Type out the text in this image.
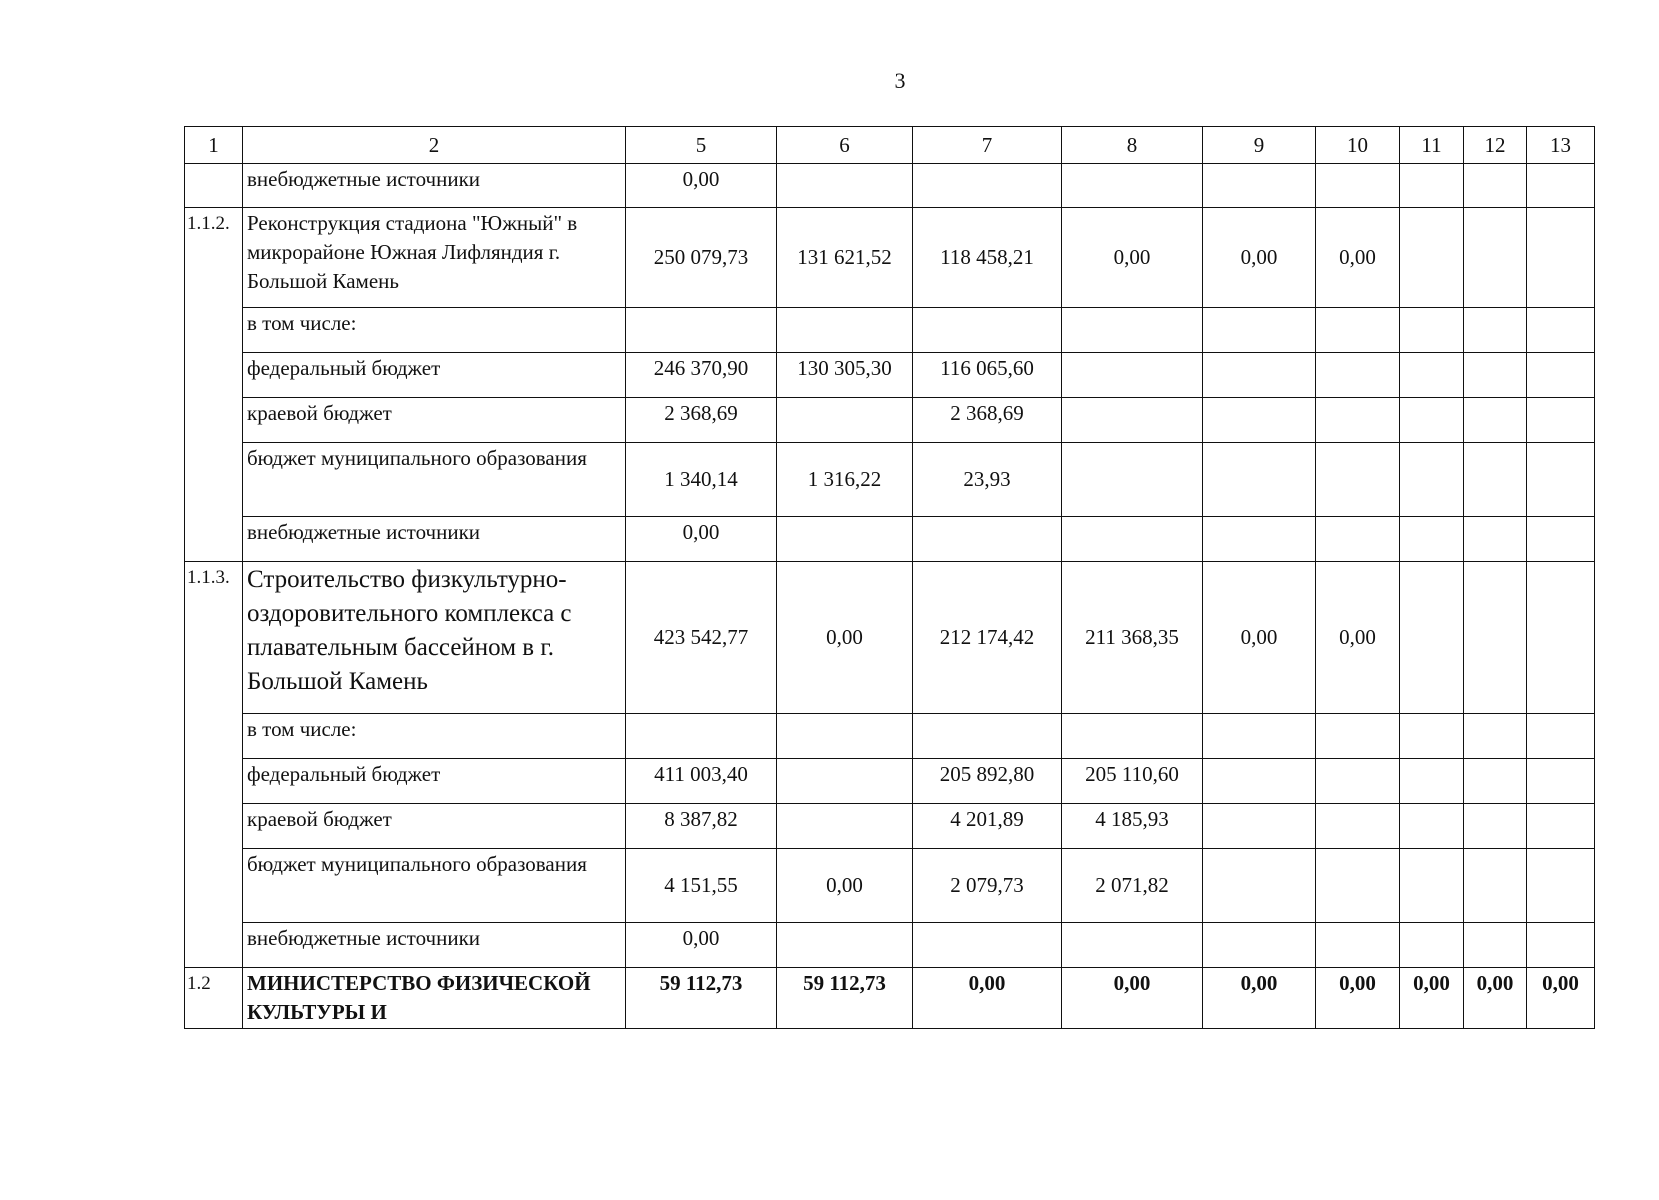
3
1	2	5	6	7	8	9	10	11	12	13
	внебюджетные источники	0,00								
1.1.2.	Реконструкция стадиона "Южный" в микрорайоне Южная Лифляндия г. Большой Камень	250 079,73	131 621,52	118 458,21	0,00	0,00	0,00			
	в том числе:									
	федеральный бюджет	246 370,90	130 305,30	116 065,60						
	краевой бюджет	2 368,69		2 368,69						
	бюджет муниципального образования	1 340,14	1 316,22	23,93						
	внебюджетные источники	0,00								
1.1.3.	Строительство физкультурно-оздоровительного комплекса с плавательным бассейном в г. Большой Камень	423 542,77	0,00	212 174,42	211 368,35	0,00	0,00			
	в том числе:									
	федеральный бюджет	411 003,40		205 892,80	205 110,60					
	краевой бюджет	8 387,82		4 201,89	4 185,93					
	бюджет муниципального образования	4 151,55	0,00	2 079,73	2 071,82					
	внебюджетные источники	0,00								
1.2	МИНИСТЕРСТВО ФИЗИЧЕСКОЙ КУЛЬТУРЫ И	59 112,73	59 112,73	0,00	0,00	0,00	0,00	0,00	0,00	0,00
